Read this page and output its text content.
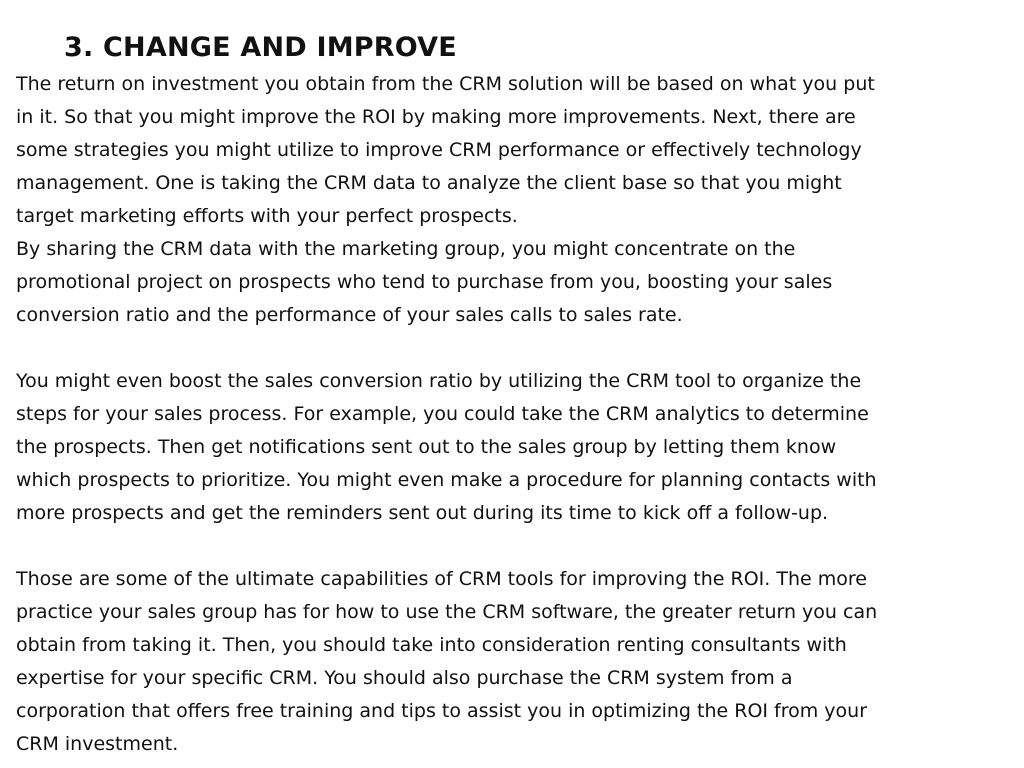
3. CHANGE AND IMPROVE
The return on investment you obtain from the CRM solution will be based on what you put
in it. So that you might improve the ROI by making more improvements. Next, there are
some strategies you might utilize to improve CRM performance or effectively technology
management. One is taking the CRM data to analyze the client base so that you might
target marketing efforts with your perfect prospects.
By sharing the CRM data with the marketing group, you might concentrate on the
promotional project on prospects who tend to purchase from you, boosting your sales
conversion ratio and the performance of your sales calls to sales rate.
You might even boost the sales conversion ratio by utilizing the CRM tool to organize the
steps for your sales process. For example, you could take the CRM analytics to determine
the prospects. Then get notifications sent out to the sales group by letting them know
which prospects to prioritize. You might even make a procedure for planning contacts with
more prospects and get the reminders sent out during its time to kick off a follow-up.
Those are some of the ultimate capabilities of CRM tools for improving the ROI. The more
practice your sales group has for how to use the CRM software, the greater return you can
obtain from taking it. Then, you should take into consideration renting consultants with
expertise for your specific CRM. You should also purchase the CRM system from a
corporation that offers free training and tips to assist you in optimizing the ROI from your
CRM investment.
